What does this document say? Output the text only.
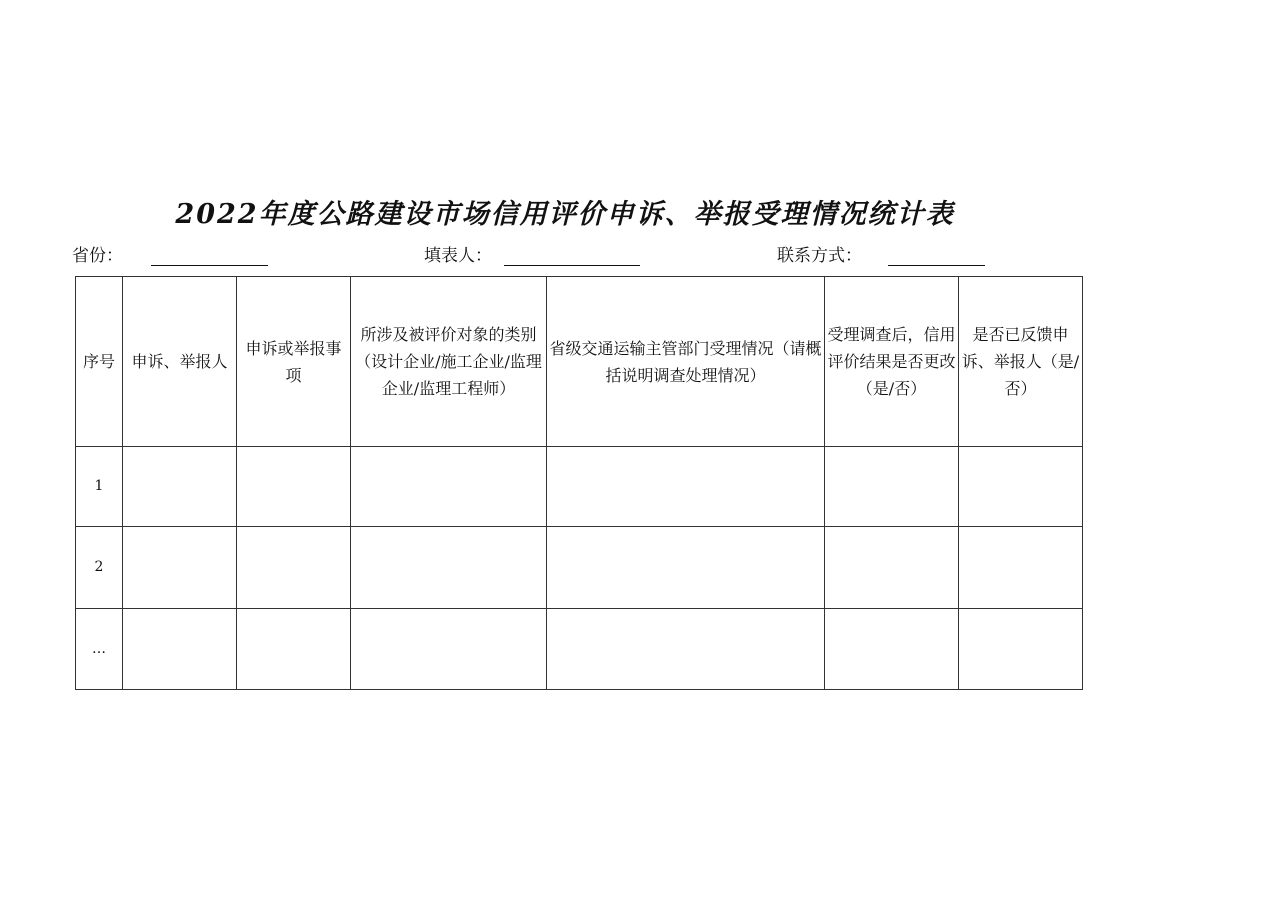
2022年度公路建设市场信用评价申诉、举报受理情况统计表
省份：	填表人：	联系方式：
序号	申诉、举报人	申诉或举报事项	所涉及被评价对象的类别（设计企业/施工企业/监理企业/监理工程师）	省级交通运输主管部门受理情况（请概括说明调查处理情况）	受理调查后，信用评价结果是否更改（是/否）	是否已反馈申诉、举报人（是/否）
1						
2						
…						
